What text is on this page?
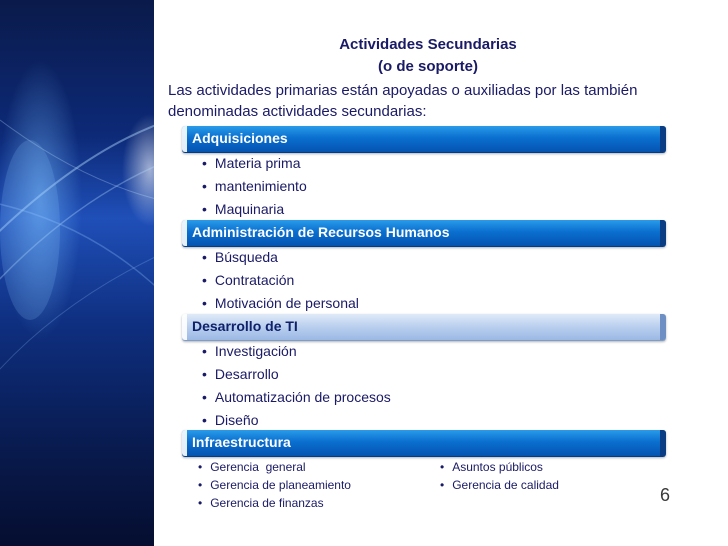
Actividades Secundarias
(o de soporte)
Las actividades primarias están apoyadas o auxiliadas por las también denominadas actividades secundarias:
Adquisiciones
• Materia prima
• mantenimiento
• Maquinaria
Administración de Recursos Humanos
• Búsqueda
• Contratación
• Motivación de personal
Desarrollo de TI
• Investigación
• Desarrollo
• Automatización de procesos
• Diseño
Infraestructura
• Gerencia  general
• Gerencia de planeamiento
• Gerencia de finanzas
• Asuntos públicos
• Gerencia de calidad	6
